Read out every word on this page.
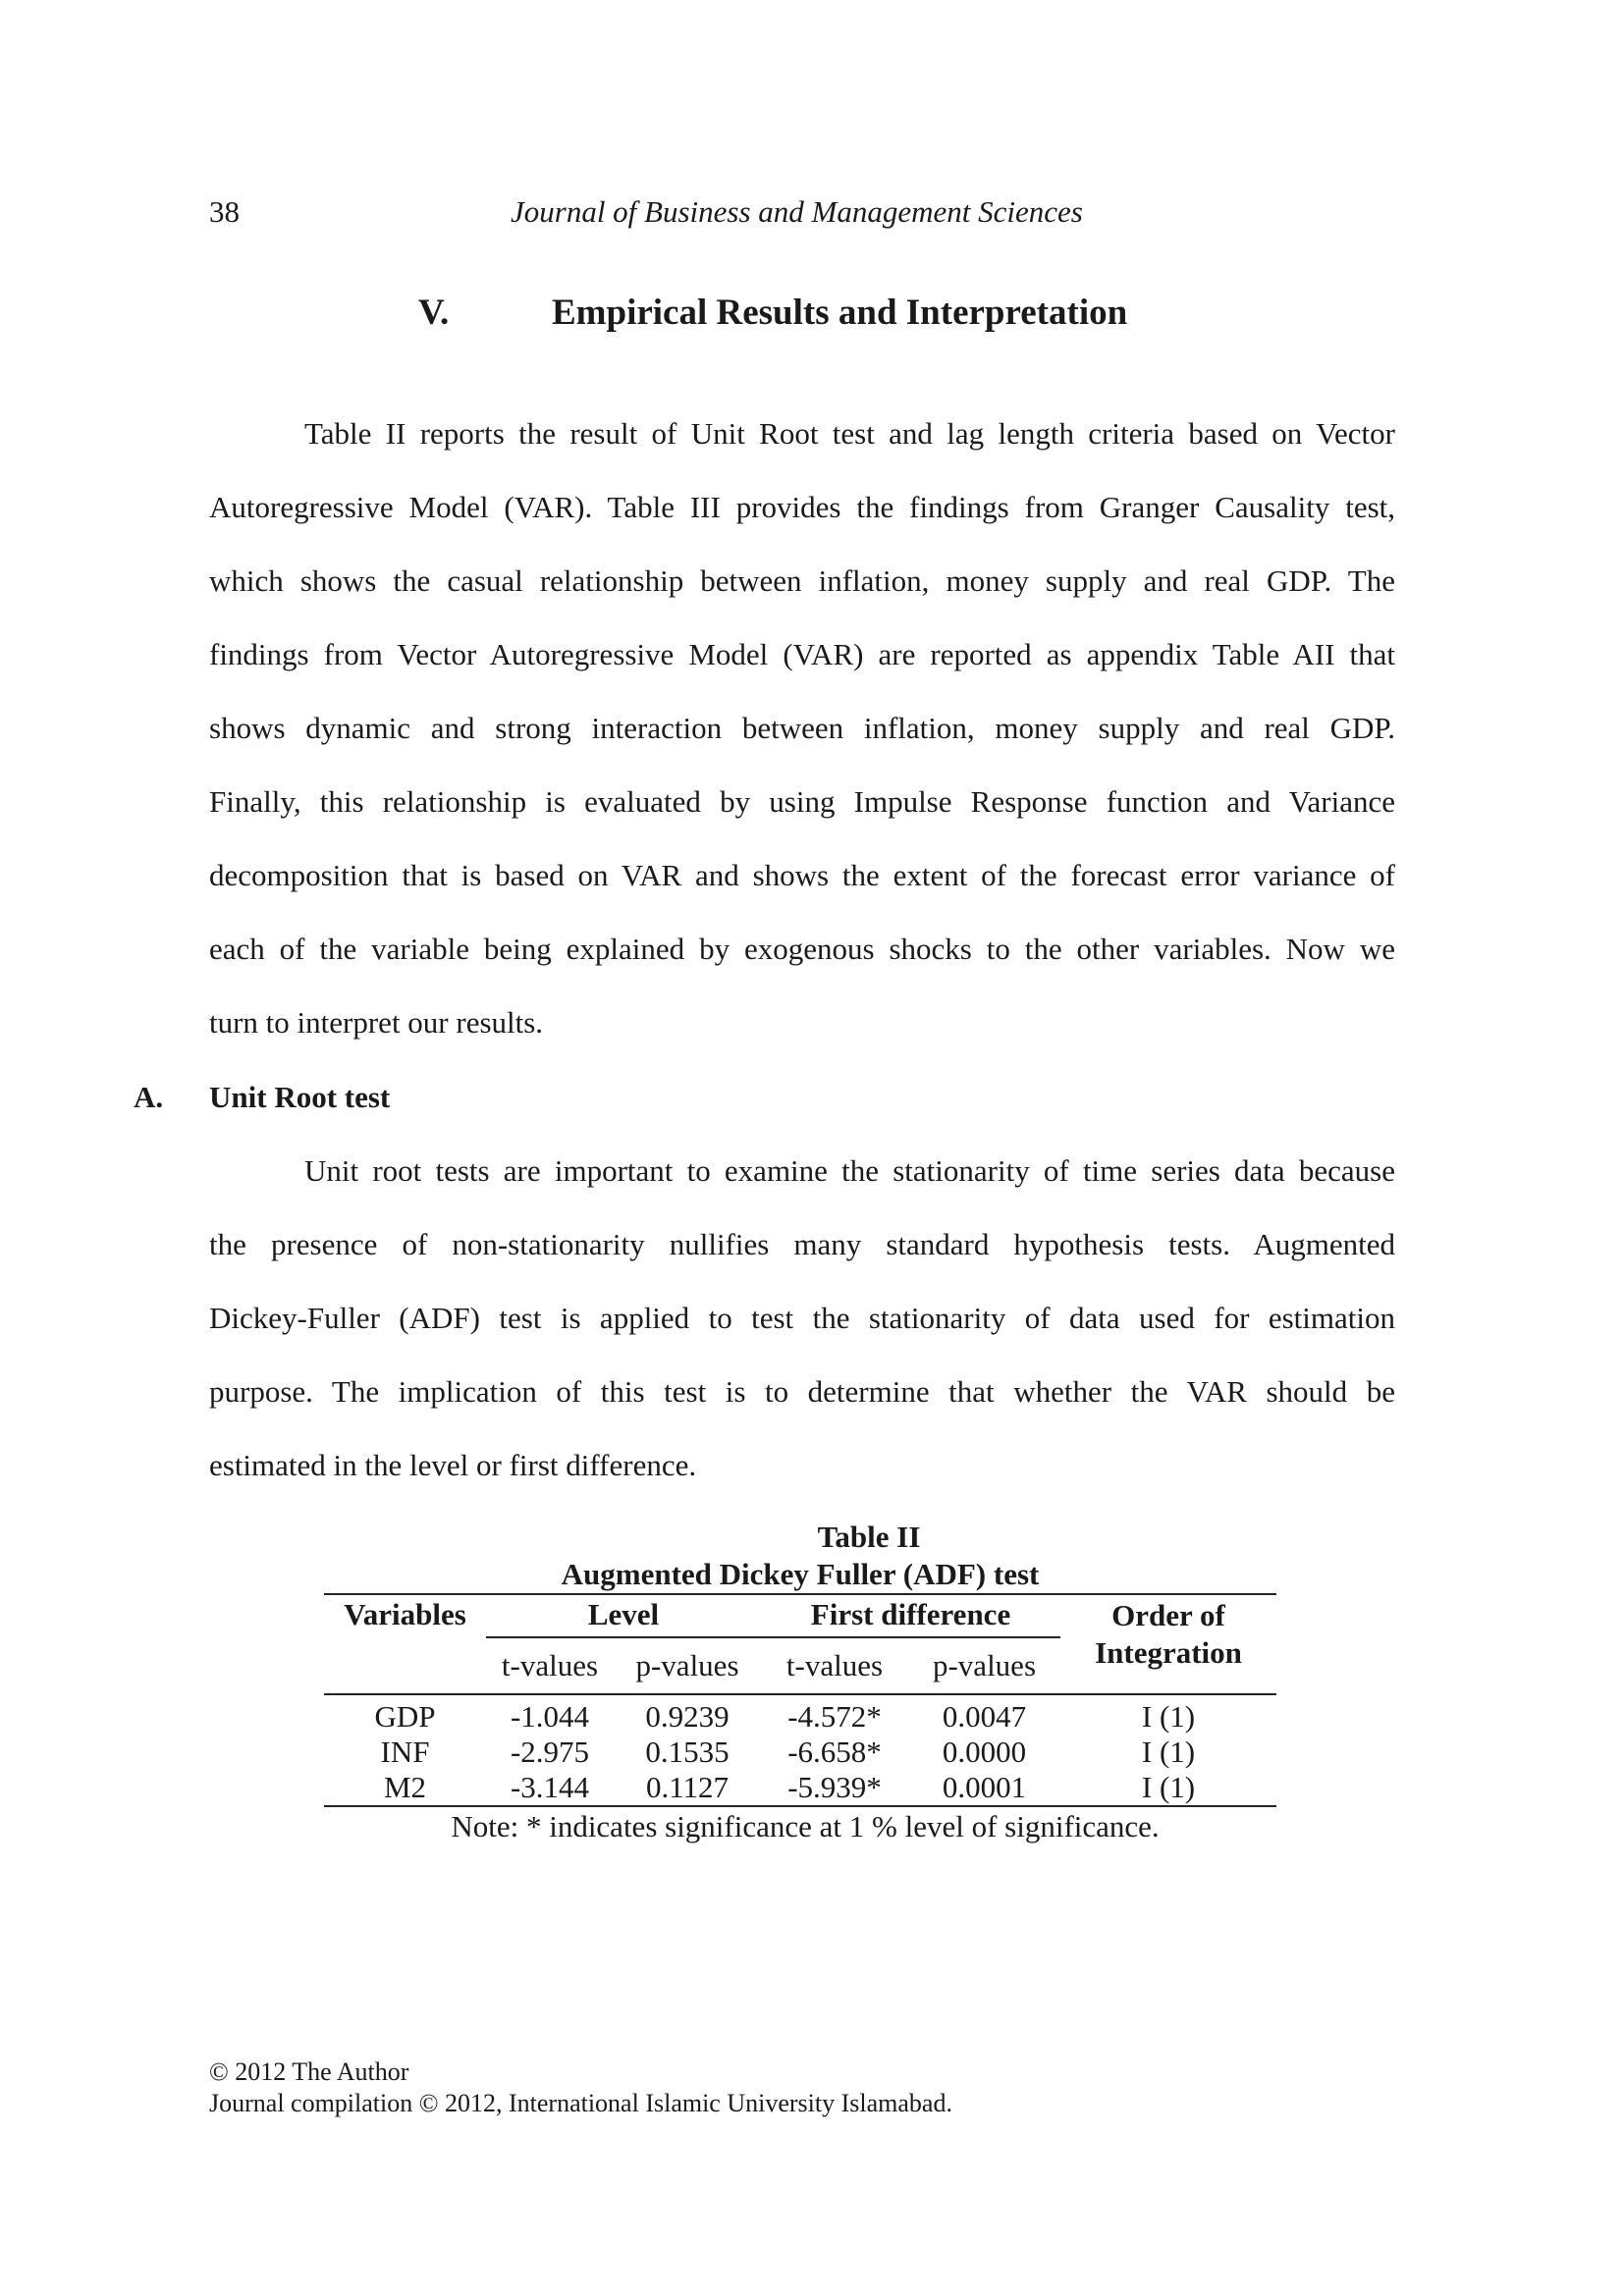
38	Journal of Business and Management Sciences
V.	Empirical Results and Interpretation
Table II reports the result of Unit Root test and lag length criteria based on Vector
Autoregressive Model (VAR). Table III provides the findings from Granger Causality test,
which shows the casual relationship between inflation, money supply and real GDP. The
findings from Vector Autoregressive Model (VAR) are reported as appendix Table AII that
shows dynamic and strong interaction between inflation, money supply and real GDP.
Finally, this relationship is evaluated by using Impulse Response function and Variance
decomposition that is based on VAR and shows the extent of the forecast error variance of
each of the variable being explained by exogenous shocks to the other variables. Now we
turn to interpret our results.
A. Unit Root test
Unit root tests are important to examine the stationarity of time series data because
the presence of non-stationarity nullifies many standard hypothesis tests. Augmented
Dickey-Fuller (ADF) test is applied to test the stationarity of data used for estimation
purpose. The implication of this test is to determine that whether the VAR should be
estimated in the level or first difference.
Table II
Augmented Dickey Fuller (ADF) test
Variables	Level		First difference		Order of
Integration
	t-values	p-values	t-values	p-values	
GDP	-1.044	0.9239	-4.572*	0.0047	I (1)
INF	-2.975	0.1535	-6.658*	0.0000	I (1)
M2	-3.144	0.1127	-5.939*	0.0001	I (1)
Note: * indicates significance at 1 % level of significance.
© 2012 The Author
Journal compilation © 2012, International Islamic University Islamabad.
